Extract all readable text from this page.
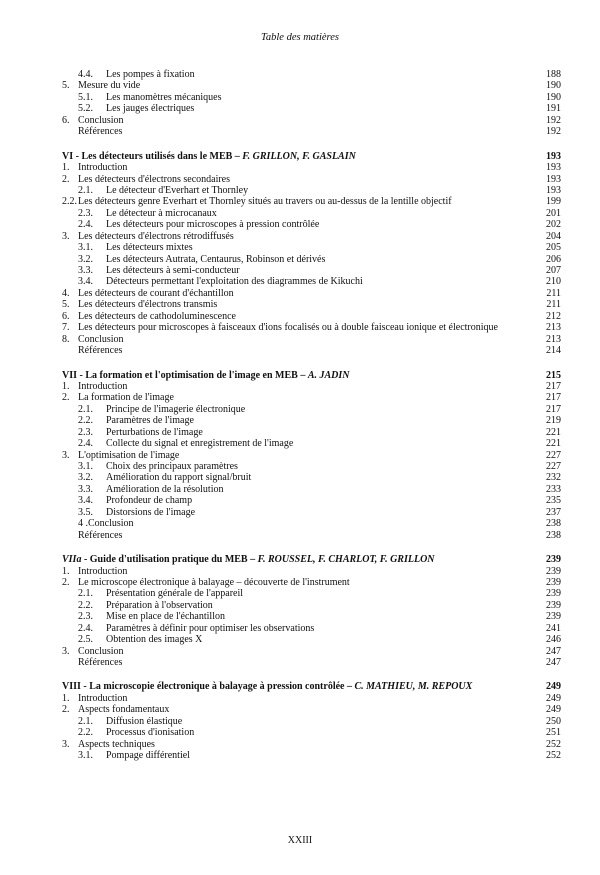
Table des matières
4.4.	Les pompes à fixation	188
5. Mesure du vide	190
5.1.	Les manomètres mécaniques	190
5.2.	Les jauges électriques	191
6. Conclusion	192
Références	192
VI - Les détecteurs utilisés dans le MEB – F. GRILLON, F. GASLAIN	193
1. Introduction	193
2. Les détecteurs d'électrons secondaires	193
2.1.	Le détecteur d'Everhart et Thornley	193
2.2. Les détecteurs genre Everhart et Thornley situés au travers ou au-dessus de la lentille objectif	199
2.3.	Le détecteur à microcanaux	201
2.4.	Les détecteurs pour microscopes à pression contrôlée	202
3. Les détecteurs d'électrons rétrodiffusés	204
3.1.	Les détecteurs mixtes	205
3.2.	Les détecteurs Autrata, Centaurus, Robinson et dérivés	206
3.3.	Les détecteurs à semi-conducteur	207
3.4.	Détecteurs permettant l'exploitation des diagrammes de Kikuchi	210
4. Les détecteurs de courant d'échantillon	211
5. Les détecteurs d'électrons transmis	211
6. Les détecteurs de cathodoluminescence	212
7. Les détecteurs pour microscopes à faisceaux d'ions focalisés ou à double faisceau ionique et électronique	213
8. Conclusion	213
Références	214
VII - La formation et l'optimisation de l'image en MEB – A. JADIN	215
1. Introduction	217
2. La formation de l'image	217
2.1.	Principe de l'imagerie électronique	217
2.2.	Paramètres de l'image	219
2.3.	Perturbations de l'image	221
2.4.	Collecte du signal et enregistrement de l'image	221
3. L'optimisation de l'image	227
3.1.	Choix des principaux paramètres	227
3.2.	Amélioration du rapport signal/bruit	232
3.3.	Amélioration de la résolution	233
3.4.	Profondeur de champ	235
3.5.	Distorsions de l'image	237
4 .Conclusion	238
Références	238
VIIa - Guide d'utilisation pratique du MEB – F. ROUSSEL, F. CHARLOT, F. GRILLON	239
1. Introduction	239
2. Le microscope électronique à balayage – découverte de l'instrument	239
2.1.	Présentation générale de l'appareil	239
2.2.	Préparation à l'observation	239
2.3.	Mise en place de l'échantillon	239
2.4.	Paramètres à définir pour optimiser les observations	241
2.5.	Obtention des images X	246
3. Conclusion	247
Références	247
VIII - La microscopie électronique à balayage à pression contrôlée – C. MATHIEU, M. REPOUX	249
1. Introduction	249
2. Aspects fondamentaux	249
2.1.	Diffusion élastique	250
2.2.	Processus d'ionisation	251
3. Aspects techniques	252
3.1.	Pompage différentiel	252
XXIII
